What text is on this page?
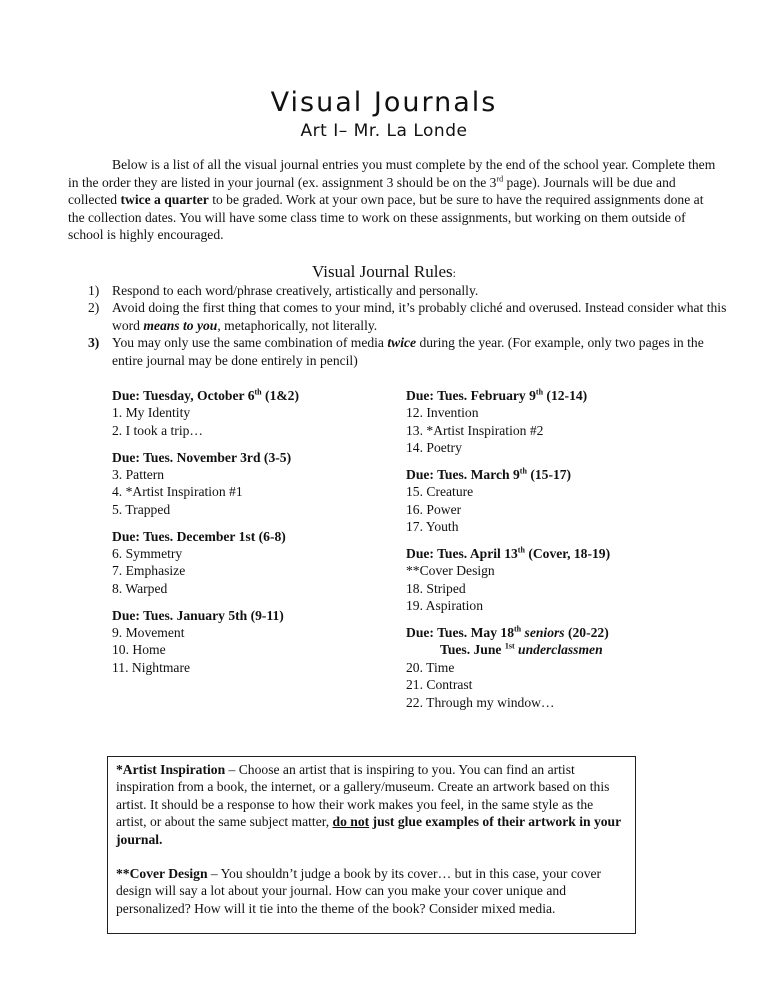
Visual Journals
Art I– Mr. La Londe

Below is a list of all the visual journal entries you must complete by the end of the school year. Complete them in the order they are listed in your journal (ex. assignment 3 should be on the 3rd page). Journals will be due and collected twice a quarter to be graded. Work at your own pace, but be sure to have the required assignments done at the collection dates. You will have some class time to work on these assignments, but working on them outside of school is highly encouraged.

Visual Journal Rules:
1) Respond to each word/phrase creatively, artistically and personally.
2) Avoid doing the first thing that comes to your mind, it’s probably cliché and overused. Instead consider what this word means to you, metaphorically, not literally.
3) You may only use the same combination of media twice during the year. (For example, only two pages in the entire journal may be done entirely in pencil)
Due: Tuesday, October 6th (1&2)
1. My Identity
2. I took a trip…
Due: Tues. November 3rd (3-5)
3. Pattern
4. *Artist Inspiration #1
5. Trapped
Due: Tues. December 1st (6-8)
6. Symmetry
7. Emphasize
8. Warped
Due: Tues. January 5th (9-11)
9. Movement
10. Home
11. Nightmare
Due: Tues. February 9th (12-14)
12. Invention
13. *Artist Inspiration #2
14. Poetry
Due: Tues. March 9th (15-17)
15. Creature
16. Power
17. Youth
Due: Tues. April 13th (Cover, 18-19)
**Cover Design
18. Striped
19. Aspiration
Due: Tues. May 18th seniors (20-22)
Tues. June $^{1st}$ underclassmen
20. Time
21. Contrast
22. Through my window…

*Artist Inspiration – Choose an artist that is inspiring to you. You can find an artist inspiration from a book, the internet, or a gallery/museum. Create an artwork based on this artist. It should be a response to how their work makes you feel, in the same style as the artist, or about the same subject matter, do not just glue examples of their artwork in your journal.

**Cover Design – You shouldn’t judge a book by its cover… but in this case, your cover design will say a lot about your journal. How can you make your cover unique and personalized? How will it tie into the theme of the book? Consider mixed media.
